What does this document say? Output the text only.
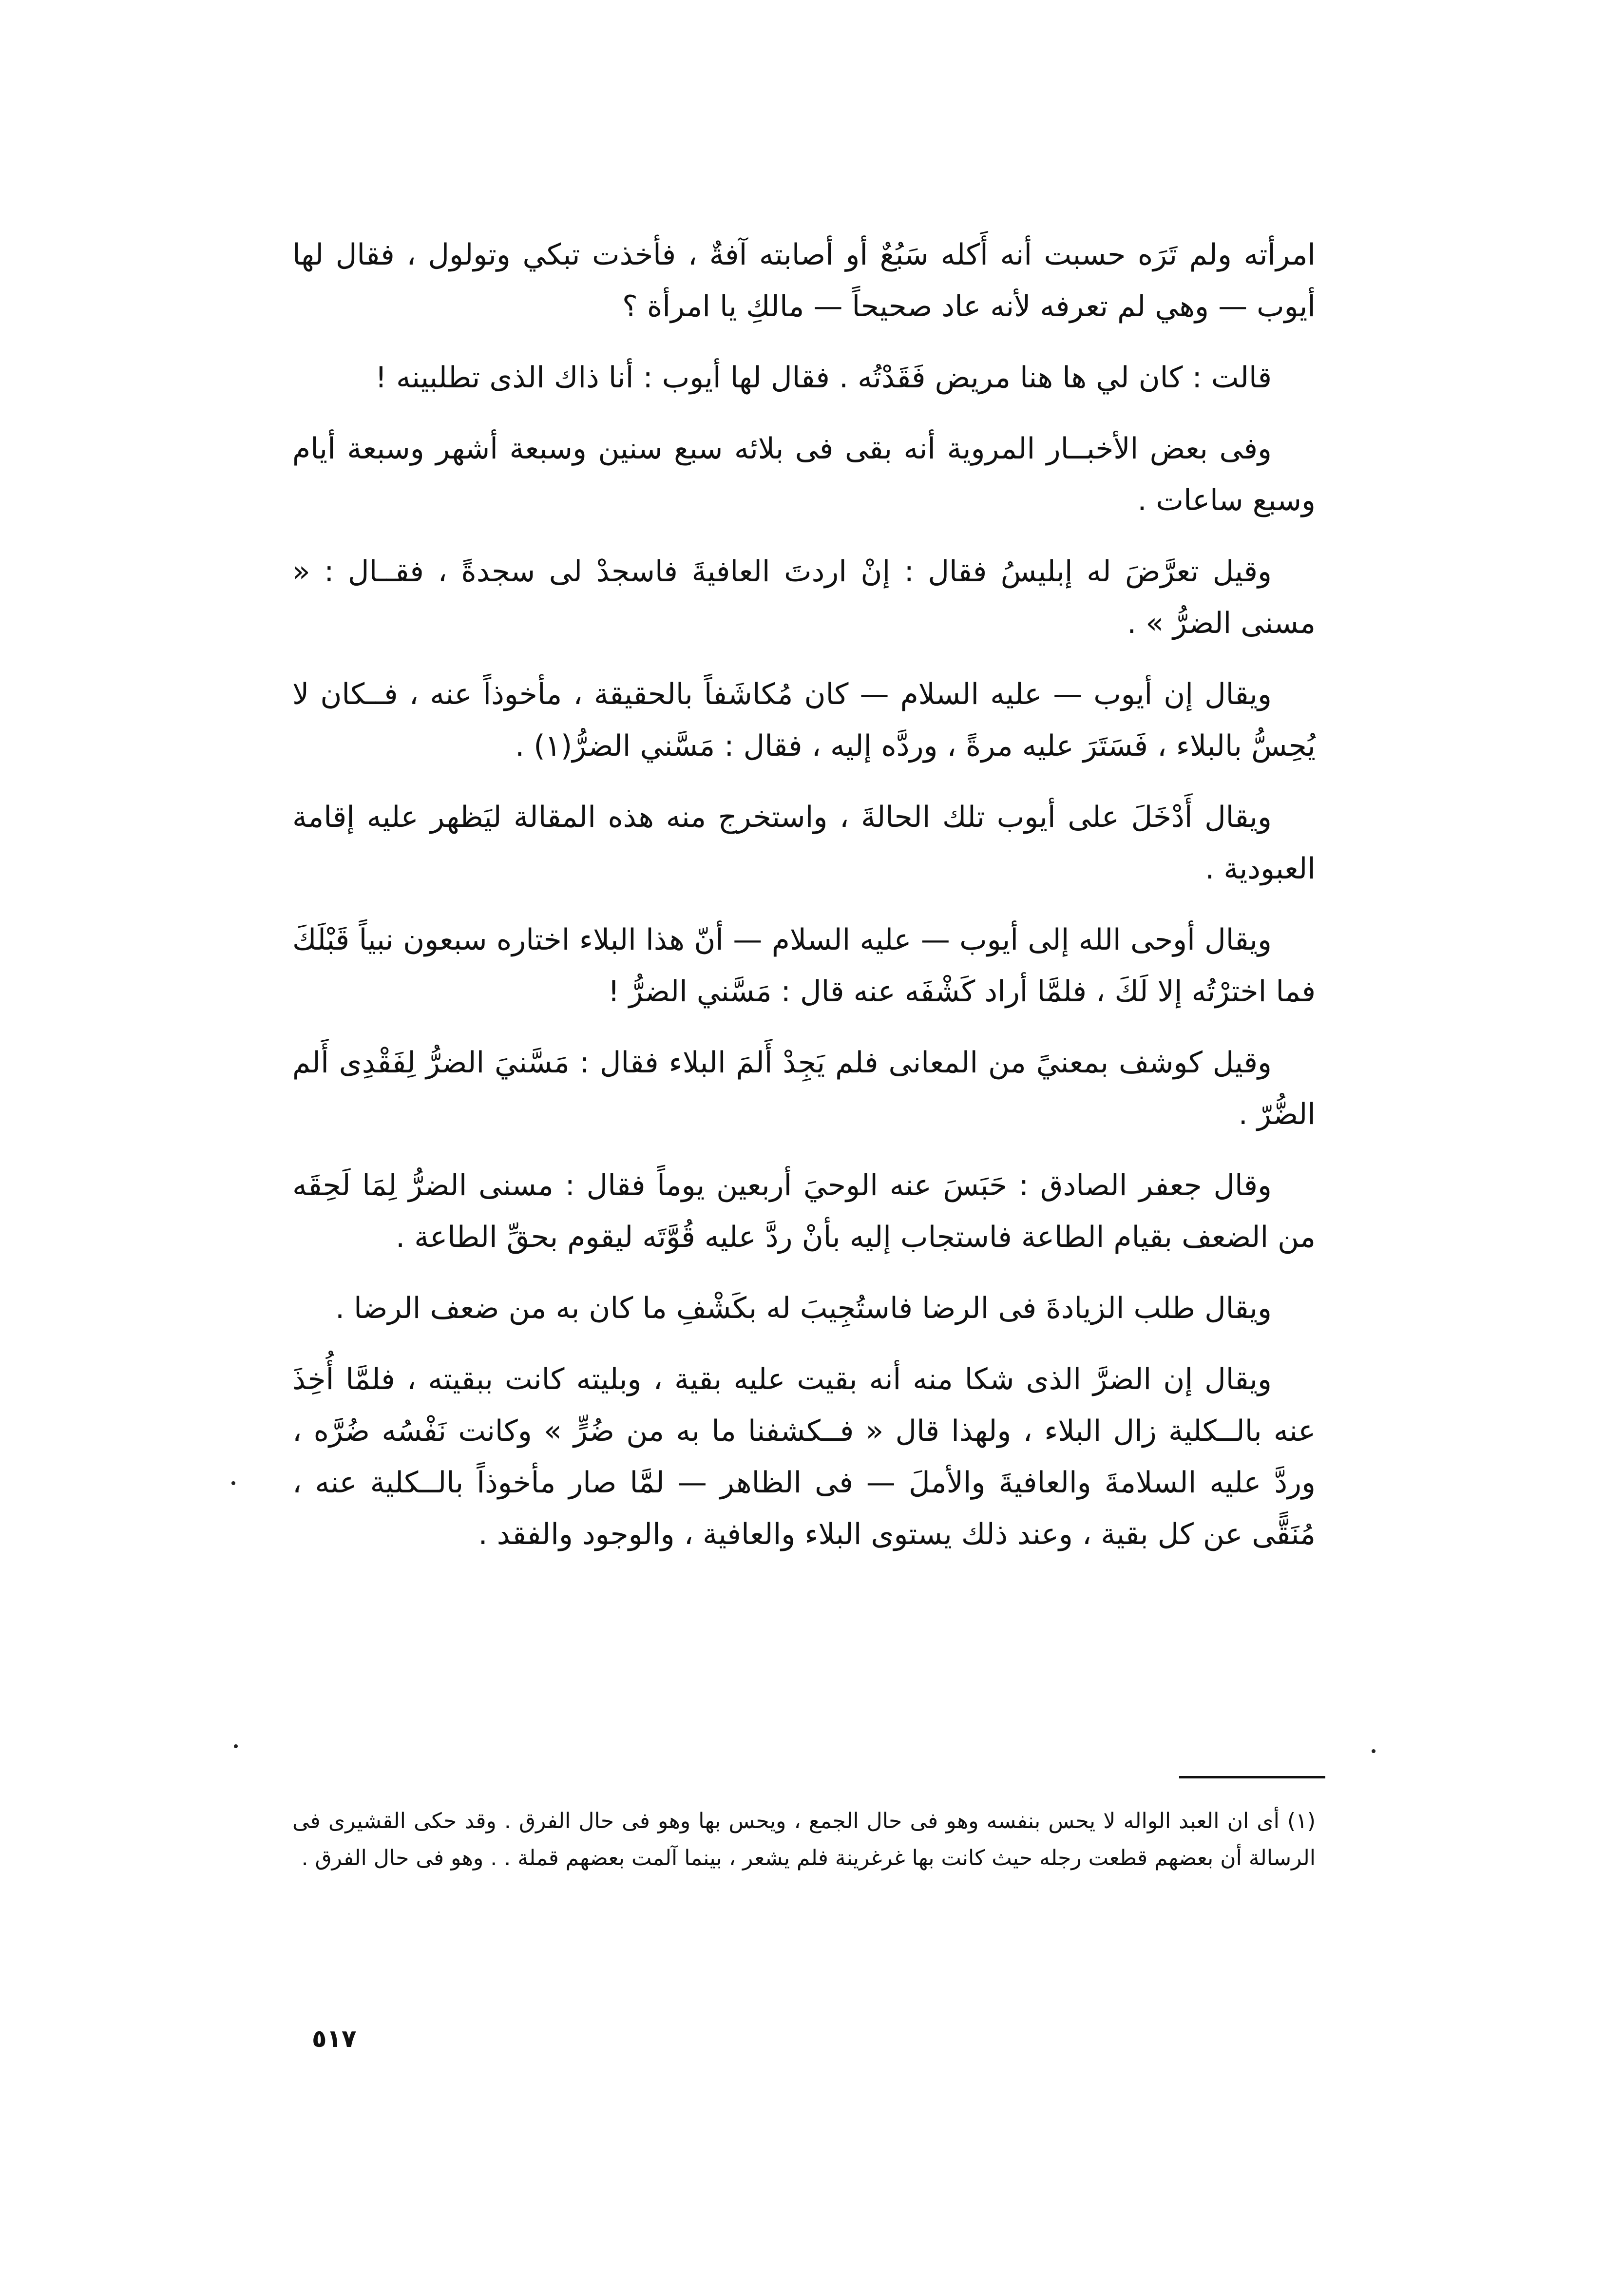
امرأته ولم تَرَه حسبت أنه أَكله سَبُعٌ أو أصابته آفةٌ ، فأخذت تبكي وتولول ، فقال لها أيوب — وهي لم تعرفه لأنه عاد صحيحاً — مالكِ يا امرأة ؟

قالت : كان لي ها هنا مريض فَقَدْتُه . فقال لها أيوب : أنا ذاك الذى تطلبينه !

وفى بعض الأخبــار المروية أنه بقى فى بلائه سبع سنين وسبعة أشهر وسبعة أيام وسبع ساعات .

وقيل تعرَّضَ له إبليسُ فقال : إنْ اردتَ العافيةَ فاسجدْ لى سجدةً ، فقــال : « مسنى الضرُّ » .

ويقال إن أيوب — عليه السلام — كان مُكاشَفاً بالحقيقة ، مأخوذاً عنه ، فــكان لا يُحِسُّ بالبلاء ، فَسَتَرَ عليه مرةً ، وردَّه إليه ، فقال : مَسَّني الضرُّ(١) .

ويقال أَدْخَلَ على أيوب تلك الحالةَ ، واستخرج منه هذه المقالة ليَظهر عليه إقامة العبودية .

ويقال أوحى الله إلى أيوب — عليه السلام — أنّ هذا البلاء اختاره سبعون نبياً قَبْلَكَ فما اخترْتُه إلا لَكَ ، فلمَّا أراد كَشْفَه عنه قال : مَسَّني الضرُّ !

وقيل كوشف بمعنيً من المعانى فلم يَجِدْ أَلمَ البلاء فقال : مَسَّنيَ الضرُّ لِفَقْدِى أَلم الضُّرّ .

وقال جعفر الصادق : حَبَسَ عنه الوحيَ أربعين يوماً فقال : مسنى الضرُّ لِمَا لَحِقَه من الضعف بقيام الطاعة فاستجاب إليه بأنْ ردَّ عليه قُوَّتَه ليقوم بحقِّ الطاعة .

ويقال طلب الزيادةَ فى الرضا فاستُجِيبَ له بكَشْفِ ما كان به من ضعف الرضا .

ويقال إن الضرَّ الذى شكا منه أنه بقيت عليه بقية ، وبليته كانت ببقيته ، فلمَّا أُخِذَ عنه بالــكلية زال البلاء ، ولهذا قال « فــكشفنا ما به من ضُرٍّ » وكانت نَفْسُه ضُرَّه ، وردَّ عليه السلامةَ والعافيةَ والأملَ — فى الظاهر — لمَّا صار مأخوذاً بالــكلية عنه ، مُنَقًّى عن كل بقية ، وعند ذلك يستوى البلاء والعافية ، والوجود والفقد .

(١) أى ان العبد الواله لا يحس بنفسه وهو فى حال الجمع ، ويحس بها وهو فى حال الفرق . وقد حكى القشيرى فى الرسالة أن بعضهم قطعت رجله حيث كانت بها غرغرينة فلم يشعر ، بينما آلمت بعضهم قملة . . وهو فى حال الفرق .

٥١٧
